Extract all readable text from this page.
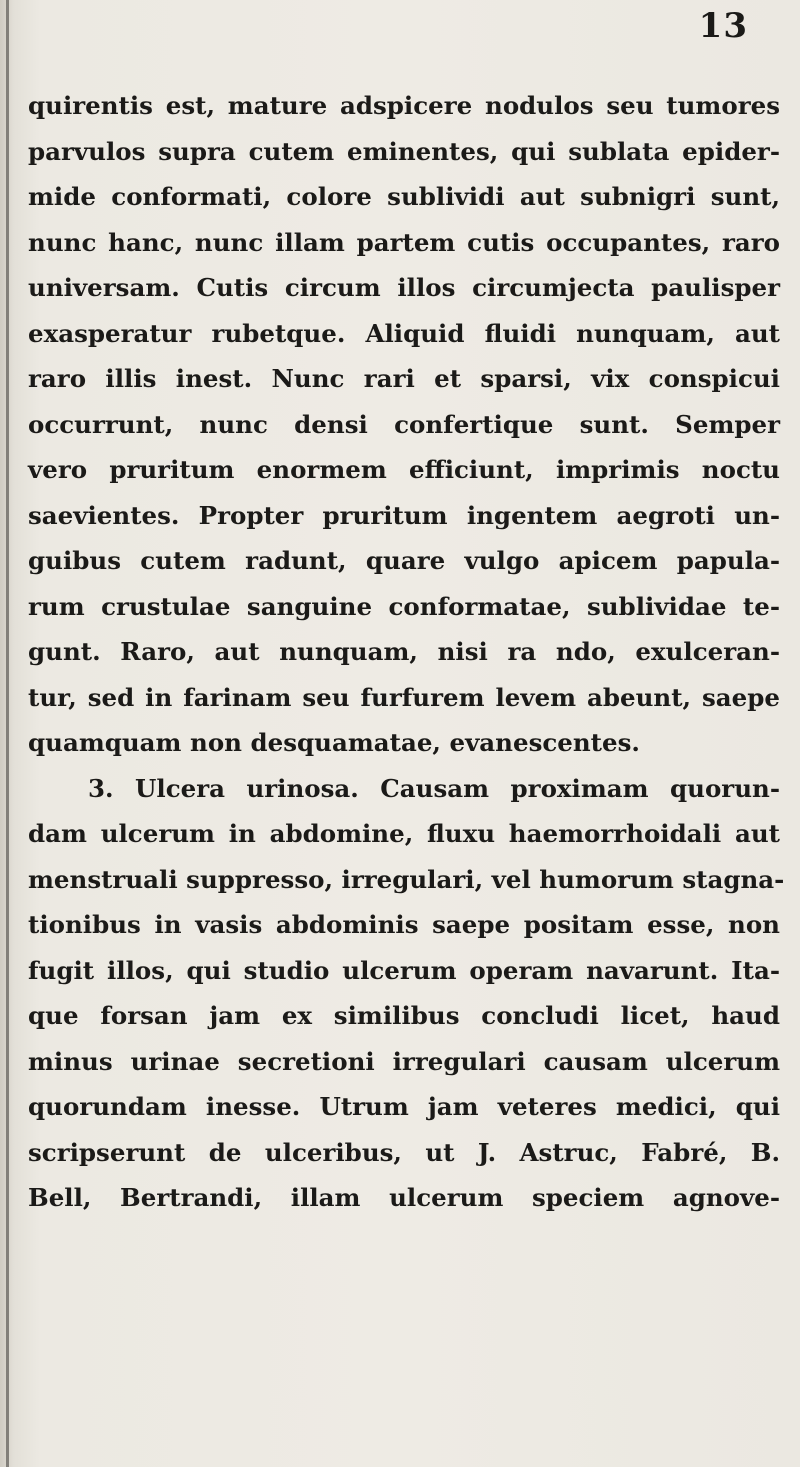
13
quirentis est, mature adspicere nodulos seu tumores
parvulos supra cutem eminentes, qui sublata epider-
mide conformati, colore sublividi aut subnigri sunt,
nunc hanc, nunc illam partem cutis occupantes, raro
universam. Cutis circum illos circumjecta paulisper
exasperatur rubetque. Aliquid fluidi nunquam, aut
raro illis inest. Nunc rari et sparsi, vix conspicui
occurrunt, nunc densi confertique sunt. Semper
vero pruritum enormem efficiunt, imprimis noctu
saevientes. Propter pruritum ingentem aegroti un-
guibus cutem radunt, quare vulgo apicem papula-
rum crustulae sanguine conformatae, sublividae te-
gunt. Raro, aut nunquam, nisi ra ndo, exulceran-
tur, sed in farinam seu furfurem levem abeunt, saepe
quamquam non desquamatae, evanescentes.
3. Ulcera urinosa. Causam proximam quorun-
dam ulcerum in abdomine, fluxu haemorrhoidali aut
menstruali suppresso, irregulari, vel humorum stagna-
tionibus in vasis abdominis saepe positam esse, non
fugit illos, qui studio ulcerum operam navarunt. Ita-
que forsan jam ex similibus concludi licet, haud
minus urinae secretioni irregulari causam ulcerum
quorundam inesse. Utrum jam veteres medici, qui
scripserunt de ulceribus, ut J. Astruc, Fabré, B.
Bell, Bertrandi, illam ulcerum speciem agnove-
